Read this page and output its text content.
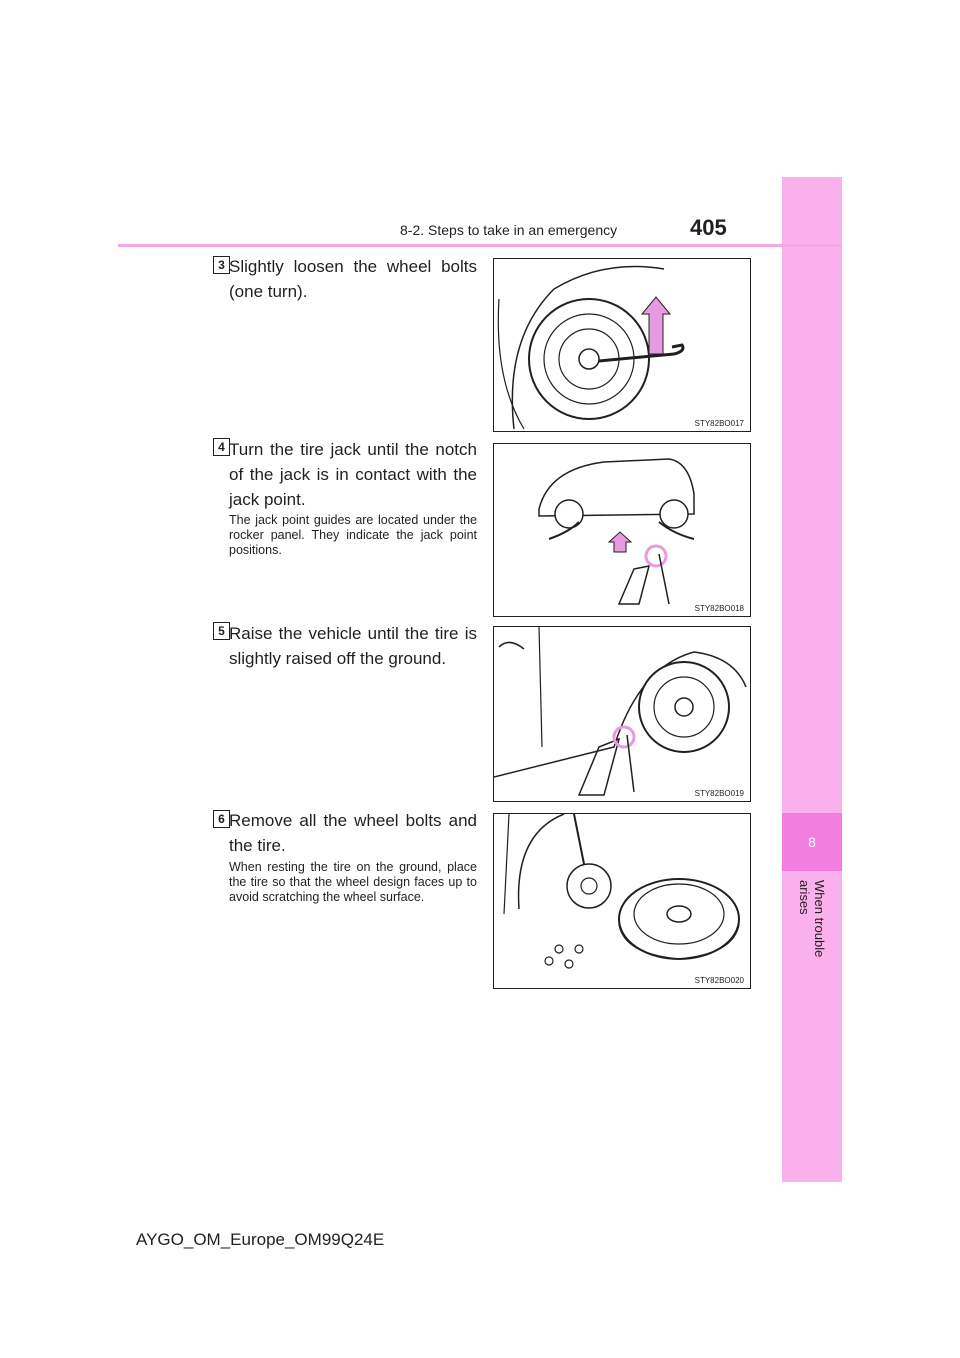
8
When trouble arises
8-2. Steps to take in an emergency	405
3 Slightly loosen the wheel bolts (one turn).
STY82BO017
4 Turn the tire jack until the notch of the jack is in contact with the jack point.
The jack point guides are located under the rocker panel. They indicate the jack point positions.
STY82BO018
5 Raise the vehicle until the tire is slightly raised off the ground.
STY82BO019
6 Remove all the wheel bolts and the tire.
When resting the tire on the ground, place the tire so that the wheel design faces up to avoid scratching the wheel surface.
STY82BO020
AYGO_OM_Europe_OM99Q24E
